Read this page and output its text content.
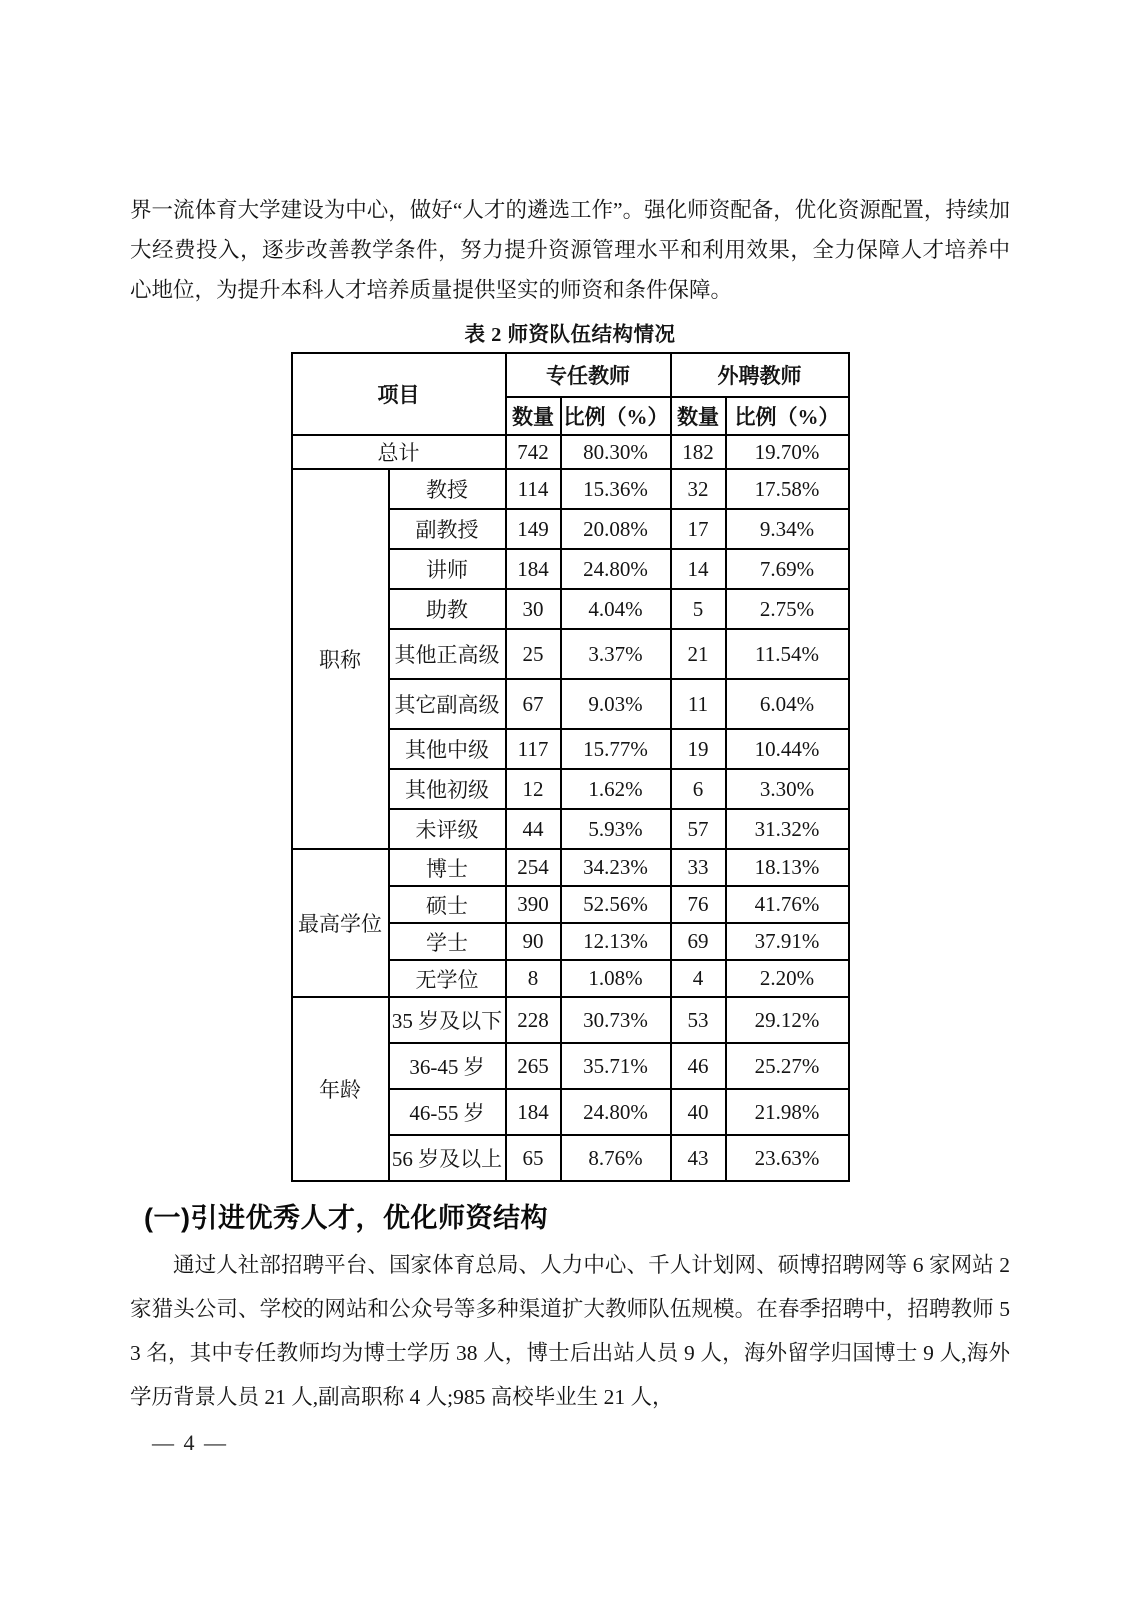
界一流体育大学建设为中心，做好“人才的遴选工作”。强化师资配备，优化资源配置，持续加大经费投入，逐步改善教学条件，努力提升资源管理水平和利用效果，全力保障人才培养中心地位，为提升本科人才培养质量提供坚实的师资和条件保障。

表 2 师资队伍结构情况
项目		专任教师		外聘教师	
		数量	比例（%）	数量	比例（%）
总计		742	80.30%	182	19.70%
职称	教授	114	15.36%	32	17.58%
	副教授	149	20.08%	17	9.34%
	讲师	184	24.80%	14	7.69%
	助教	30	4.04%	5	2.75%
	其他正高级	25	3.37%	21	11.54%
	其它副高级	67	9.03%	11	6.04%
	其他中级	117	15.77%	19	10.44%
	其他初级	12	1.62%	6	3.30%
	未评级	44	5.93%	57	31.32%
最高学位	博士	254	34.23%	33	18.13%
	硕士	390	52.56%	76	41.76%
	学士	90	12.13%	69	37.91%
	无学位	8	1.08%	4	2.20%
年龄	35 岁及以下	228	30.73%	53	29.12%
	36-45 岁	265	35.71%	46	25.27%
	46-55 岁	184	24.80%	40	21.98%
	56 岁及以上	65	8.76%	43	23.63%
(一)引进优秀人才，优化师资结构

通过人社部招聘平台、国家体育总局、人力中心、千人计划网、硕博招聘网等 6 家网站 2 家猎头公司、学校的网站和公众号等多种渠道扩大教师队伍规模。在春季招聘中，招聘教师 53 名，其中专任教师均为博士学历 38 人，博士后出站人员 9 人，海外留学归国博士 9 人,海外学历背景人员 21 人,副高职称 4 人;985 高校毕业生 21 人，

— 4 —
